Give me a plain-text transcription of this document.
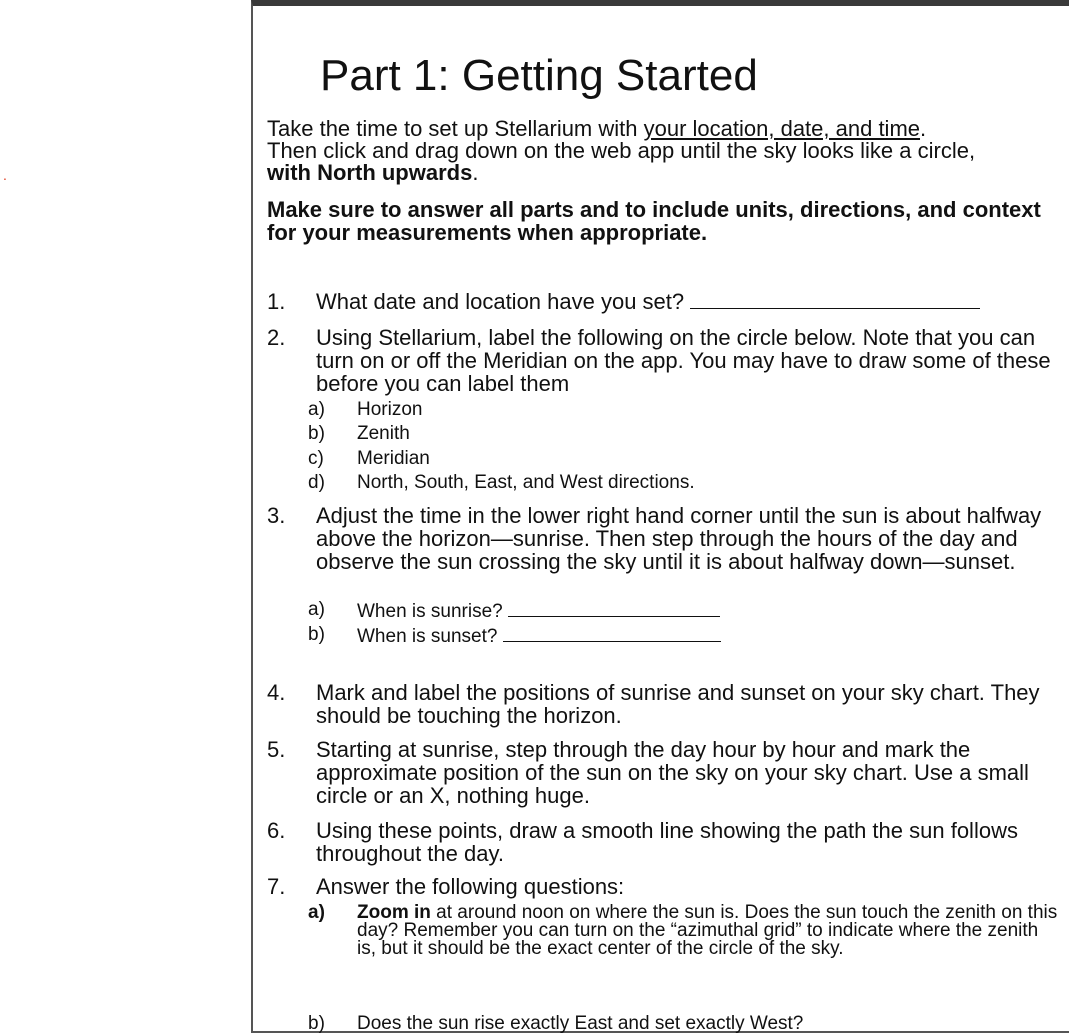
.
Part 1: Getting Started

Take the time to set up Stellarium with your location, date, and time.
Then click and drag down on the web app until the sky looks like a circle,
with North upwards.

Make sure to answer all parts and to include units, directions, and context for your measurements when appropriate.

1. What date and location have you set?
2. Using Stellarium, label the following on the circle below. Note that you can turn on or off the Meridian on the app. You may have to draw some of these before you can label them
a) Horizon
b) Zenith
c) Meridian
d) North, South, East, and West directions.
3. Adjust the time in the lower right hand corner until the sun is about halfway above the horizon—sunrise. Then step through the hours of the day and observe the sun crossing the sky until it is about halfway down—sunset.
a) When is sunrise?
b) When is sunset?
4. Mark and label the positions of sunrise and sunset on your sky chart. They should be touching the horizon.
5. Starting at sunrise, step through the day hour by hour and mark the approximate position of the sun on the sky on your sky chart. Use a small circle or an X, nothing huge.
6. Using these points, draw a smooth line showing the path the sun follows throughout the day.
7. Answer the following questions:
a) Zoom in at around noon on where the sun is. Does the sun touch the zenith on this day? Remember you can turn on the “azimuthal grid” to indicate where the zenith is, but it should be the exact center of the circle of the sky.
b) Does the sun rise exactly East and set exactly West?
